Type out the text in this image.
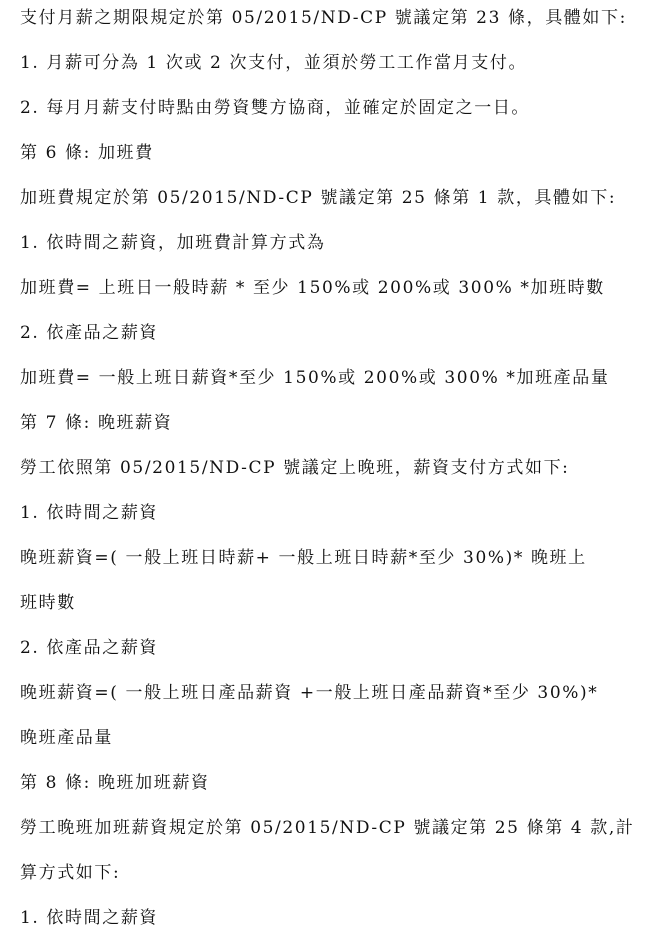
支付月薪之期限規定於第 05/2015/ND-CP 號議定第 23 條，具體如下:
1. 月薪可分為 1 次或 2 次支付，並須於勞工工作當月支付。
2. 每月月薪支付時點由勞資雙方協商，並確定於固定之一日。
第 6 條: 加班費
加班費規定於第 05/2015/ND-CP 號議定第 25 條第 1 款，具體如下:
1. 依時間之薪資，加班費計算方式為
加班費= 上班日一般時薪 * 至少 150%或 200%或 300% *加班時數
2. 依產品之薪資
加班費= 一般上班日薪資*至少 150%或 200%或 300% *加班產品量
第 7 條: 晚班薪資
勞工依照第 05/2015/ND-CP 號議定上晚班，薪資支付方式如下:
1. 依時間之薪資
晚班薪資=( 一般上班日時薪+ 一般上班日時薪*至少 30%)* 晚班上
班時數
2. 依產品之薪資
晚班薪資=( 一般上班日產品薪資 +一般上班日產品薪資*至少 30%)*
晚班產品量
第 8 條: 晚班加班薪資
勞工晚班加班薪資規定於第 05/2015/ND-CP 號議定第 25 條第 4 款,計
算方式如下:
1. 依時間之薪資
